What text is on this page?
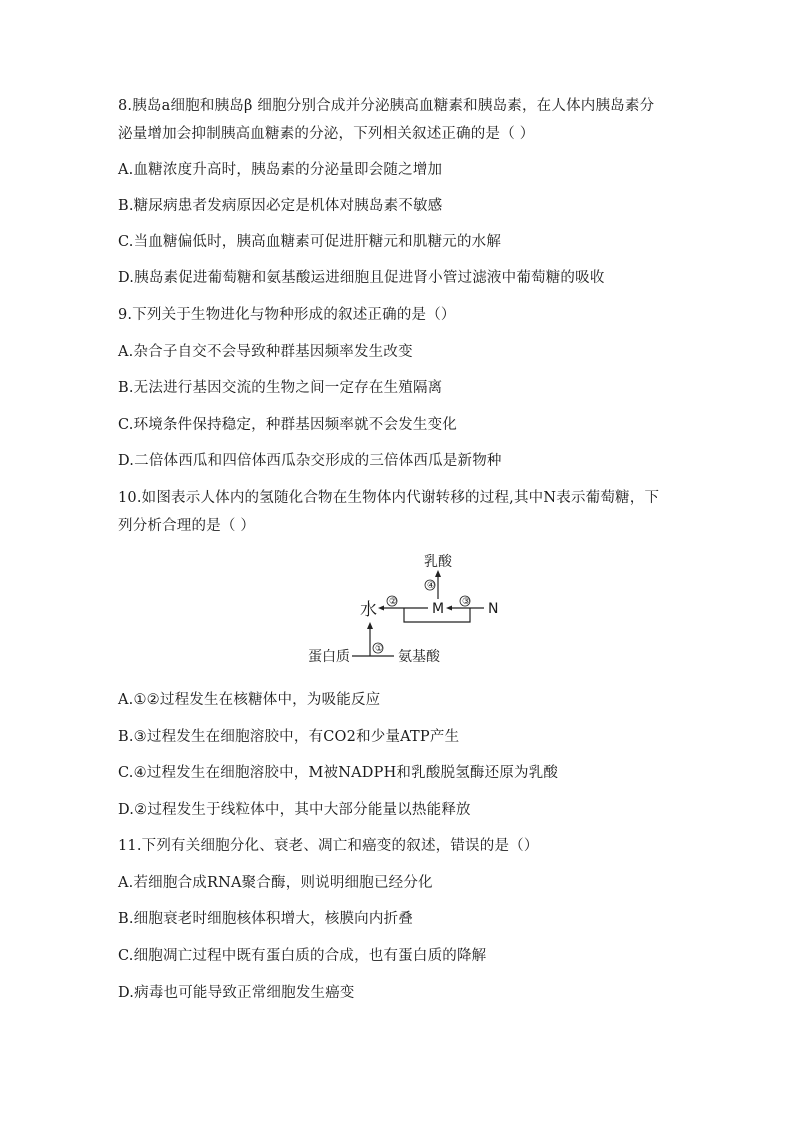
8.胰岛a细胞和胰岛β 细胞分别合成并分泌胰高血糖素和胰岛素，在人体内胰岛素分
泌量增加会抑制胰高血糖素的分泌，下列相关叙述正确的是（ ）
A.血糖浓度升高时，胰岛素的分泌量即会随之增加
B.糖尿病患者发病原因必定是机体对胰岛素不敏感
C.当血糖偏低时，胰高血糖素可促进肝糖元和肌糖元的水解
D.胰岛素促进葡萄糖和氨基酸运进细胞且促进肾小管过滤液中葡萄糖的吸收
9.下列关于生物进化与物种形成的叙述正确的是（）
A.杂合子自交不会导致种群基因频率发生改变
B.无法进行基因交流的生物之间一定存在生殖隔离
C.环境条件保持稳定，种群基因频率就不会发生变化
D.二倍体西瓜和四倍体西瓜杂交形成的三倍体西瓜是新物种
10.如图表示人体内的氢随化合物在生物体内代谢转移的过程,其中N表示葡萄糖，下
列分析合理的是（ ）
乳酸
④
水	M	N
②	③
①
蛋白质	氨基酸
A.①②过程发生在核糖体中，为吸能反应
B.③过程发生在细胞溶胶中，有CO2和少量ATP产生
C.④过程发生在细胞溶胶中，M被NADPH和乳酸脱氢酶还原为乳酸
D.②过程发生于线粒体中，其中大部分能量以热能释放
11.下列有关细胞分化、衰老、凋亡和癌变的叙述，错误的是（）
A.若细胞合成RNA聚合酶，则说明细胞已经分化
B.细胞衰老时细胞核体积增大，核膜向内折叠
C.细胞凋亡过程中既有蛋白质的合成，也有蛋白质的降解
D.病毒也可能导致正常细胞发生癌变
